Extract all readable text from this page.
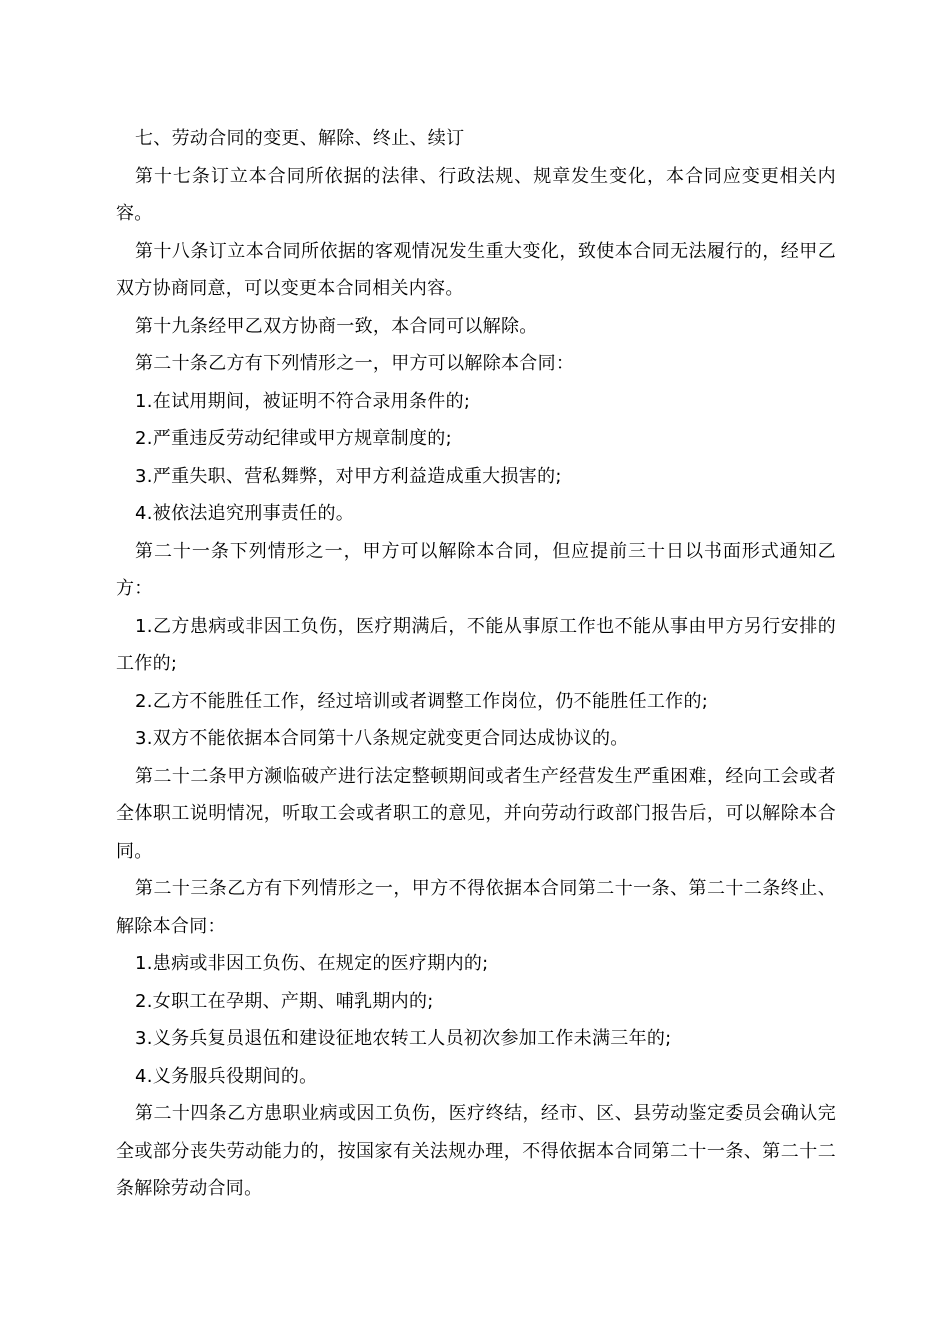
七、劳动合同的变更、解除、终止、续订

第十七条订立本合同所依据的法律、行政法规、规章发生变化，本合同应变更相关内容。

第十八条订立本合同所依据的客观情况发生重大变化，致使本合同无法履行的，经甲乙双方协商同意，可以变更本合同相关内容。

第十九条经甲乙双方协商一致，本合同可以解除。

第二十条乙方有下列情形之一，甲方可以解除本合同：

1.在试用期间，被证明不符合录用条件的;

2.严重违反劳动纪律或甲方规章制度的;

3.严重失职、营私舞弊，对甲方利益造成重大损害的;

4.被依法追究刑事责任的。

第二十一条下列情形之一，甲方可以解除本合同，但应提前三十日以书面形式通知乙方：

1.乙方患病或非因工负伤，医疗期满后，不能从事原工作也不能从事由甲方另行安排的工作的;

2.乙方不能胜任工作，经过培训或者调整工作岗位，仍不能胜任工作的;

3.双方不能依据本合同第十八条规定就变更合同达成协议的。

第二十二条甲方濒临破产进行法定整顿期间或者生产经营发生严重困难，经向工会或者全体职工说明情况，听取工会或者职工的意见，并向劳动行政部门报告后，可以解除本合同。

第二十三条乙方有下列情形之一，甲方不得依据本合同第二十一条、第二十二条终止、解除本合同：

1.患病或非因工负伤、在规定的医疗期内的;

2.女职工在孕期、产期、哺乳期内的;

3.义务兵复员退伍和建设征地农转工人员初次参加工作未满三年的;

4.义务服兵役期间的。

第二十四条乙方患职业病或因工负伤，医疗终结，经市、区、县劳动鉴定委员会确认完全或部分丧失劳动能力的，按国家有关法规办理，不得依据本合同第二十一条、第二十二条解除劳动合同。
